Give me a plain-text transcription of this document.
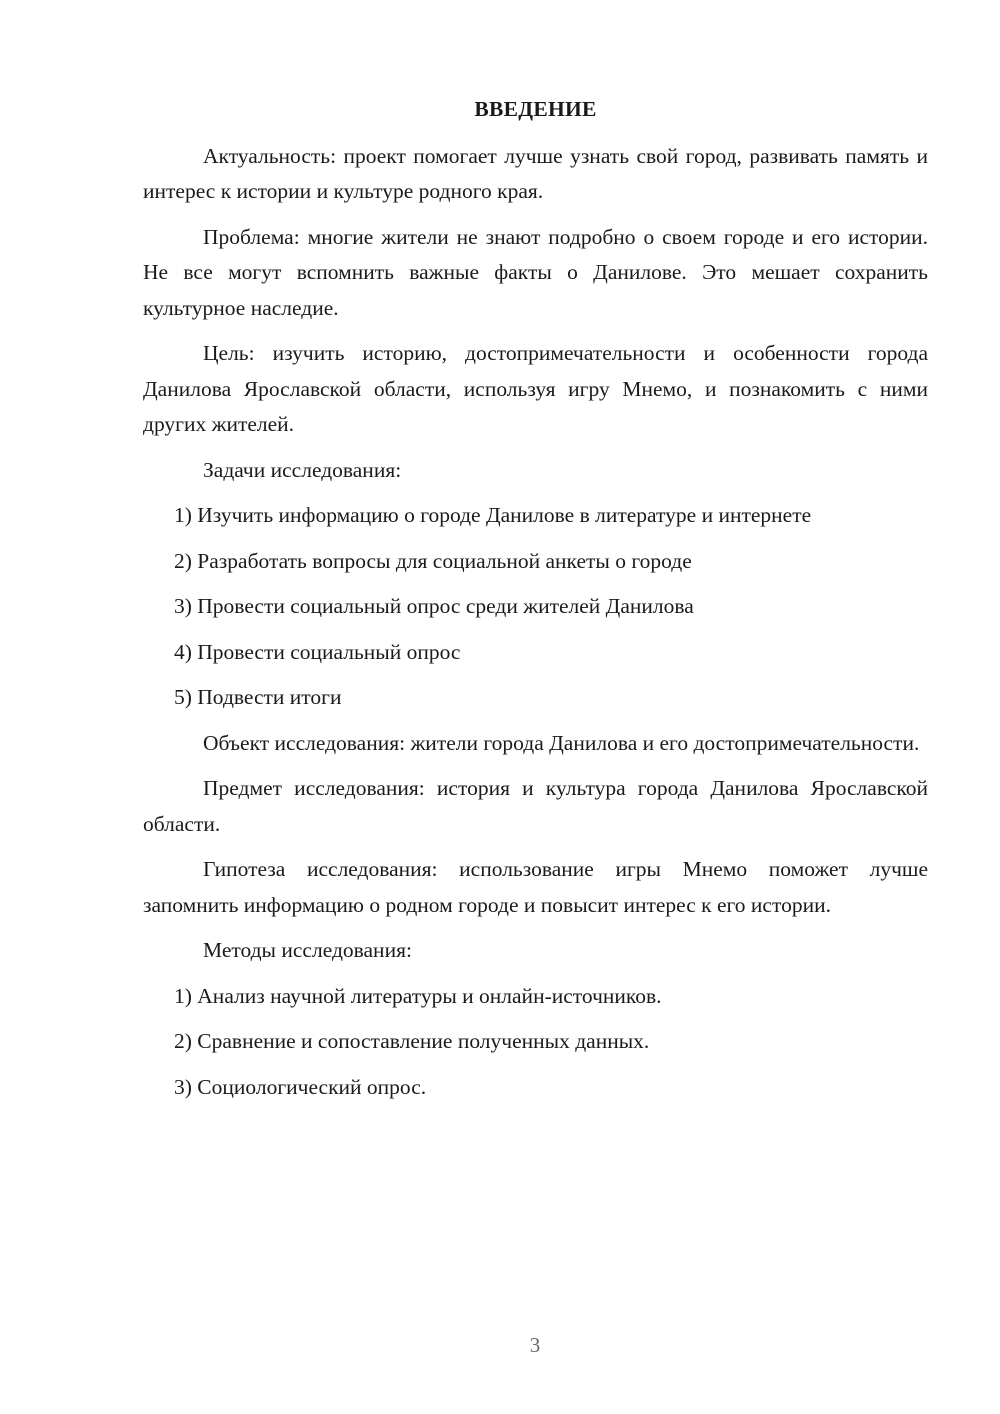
ВВЕДЕНИЕ

Актуальность: проект помогает лучше узнать свой город, развивать память и интерес к истории и культуре родного края.

Проблема: многие жители не знают подробно о своем городе и его истории. Не все могут вспомнить важные факты о Данилове. Это мешает сохранить культурное наследие.

Цель: изучить историю, достопримечательности и особенности города Данилова Ярославской области, используя игру Мнемо, и познакомить с ними других жителей.

Задачи исследования:

1) Изучить информацию о городе Данилове в литературе и интернете
2) Разработать вопросы для социальной анкеты о городе
3) Провести социальный опрос среди жителей Данилова
4) Провести социальный опрос
5) Подвести итоги

Объект исследования: жители города Данилова и его достопримечательности.

Предмет исследования: история и культура города Данилова Ярославской области.

Гипотеза исследования: использование игры Мнемо поможет лучше запомнить информацию о родном городе и повысит интерес к его истории.

Методы исследования:

1) Анализ научной литературы и онлайн-источников.
2) Сравнение и сопоставление полученных данных.
3) Социологический опрос.
3
